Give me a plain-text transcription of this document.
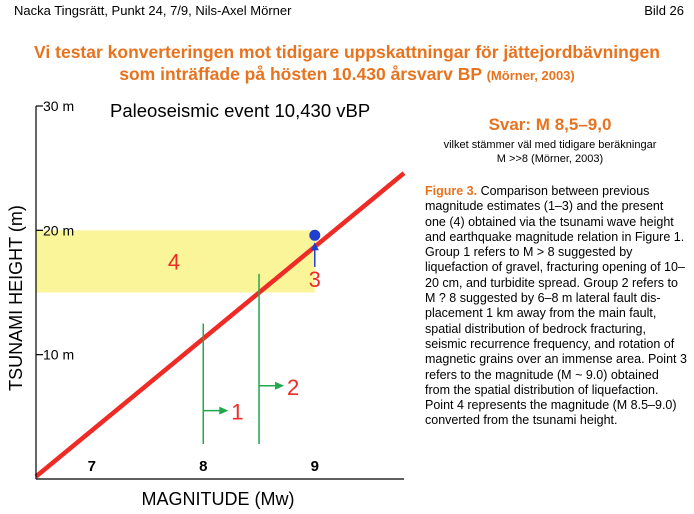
Nacka Tingsrätt, Punkt 24, 7/9, Nils-Axel Mörner	Bild 26
Vi testar konverteringen mot tidigare uppskattningar för jättejordbävningen
som inträffade på hösten 10.430 årsvarv BP (Mörner, 2003)
4
10 m
20 m
30 m
7	8	9
1
2
3
Paleoseismic event 10,430 vBP
MAGNITUDE (Mw)
TSUNAMI HEIGHT (m)
Svar: M 8,5–9,0
vilket stämmer väl med tidigare beräkningar
M >>8 (Mörner, 2003)
Figure 3. Comparison between previous magnitude estimates (1–3) and the present one (4) obtained via the tsunami wave height and earthquake magnitude relation in Figure 1. Group 1 refers to M > 8 suggested by liquefaction of gravel, fracturing opening of 10–20 cm, and turbidite spread. Group 2 refers to M ? 8 suggested by 6–8 m lateral fault dis-placement 1 km away from the main fault, spatial distribution of bedrock fracturing, seismic recurrence frequency, and rotation of magnetic grains over an immense area. Point 3 refers to the magnitude (M ~ 9.0) obtained from the spatial distribution of liquefaction. Point 4 represents the magnitude (M 8.5–9.0) converted from the tsunami height.
